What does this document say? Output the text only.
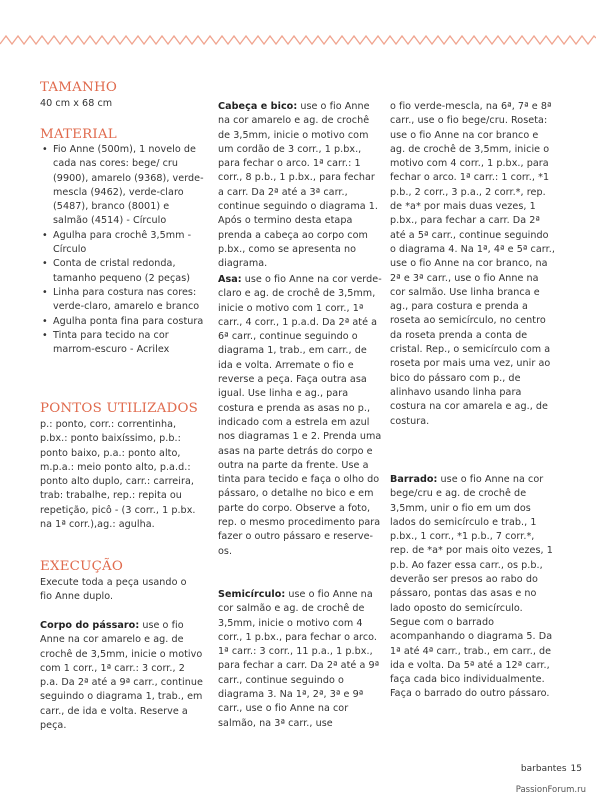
TAMANHO

40 cm x 68 cm

MATERIAL
• Fio Anne (500m), 1 novelo de cada nas cores: bege/ cru (9900), amarelo (9368), verde-mescla (9462), verde-claro (5487), branco (8001) e salmão (4514) - Círculo
• Agulha para crochê 3,5mm - Círculo
• Conta de cristal redonda, tamanho pequeno (2 peças)
• Linha para costura nas cores: verde-claro, amarelo e branco
• Agulha ponta fina para costura
• Tinta para tecido na cor marrom-escuro - Acrilex
PONTOS UTILIZADOS

p.: ponto, corr.: correntinha, p.bx.: ponto baixíssimo, p.b.: ponto baixo, p.a.: ponto alto, m.p.a.: meio ponto alto, p.a.d.: ponto alto duplo, carr.: carreira, trab: trabalhe, rep.: repita ou repetição, picô - (3 corr., 1 p.bx. na 1ª corr.),ag.: agulha.

EXECUÇÃO

Execute toda a peça usando o fio Anne duplo.

Corpo do pássaro: use o fio Anne na cor amarelo e ag. de crochê de 3,5mm, inicie o motivo com 1 corr., 1ª carr.: 3 corr., 2 p.a. Da 2ª até a 9ª carr., continue seguindo o diagrama 1, trab., em carr., de ida e volta. Reserve a peça.

Cabeça e bico: use o fio Anne na cor amarelo e ag. de crochê de 3,5mm, inicie o motivo com um cordão de 3 corr., 1 p.bx., para fechar o arco. 1ª carr.: 1 corr., 8 p.b., 1 p.bx., para fechar a carr. Da 2ª até a 3ª carr., continue seguindo o diagrama 1. Após o termino desta etapa prenda a cabeça ao corpo com p.bx., como se apresenta no diagrama.

Asa: use o fio Anne na cor verde-claro e ag. de crochê de 3,5mm, inicie o motivo com 1 corr., 1ª carr., 4 corr., 1 p.a.d. Da 2ª até a 6ª carr., continue seguindo o diagrama 1, trab., em carr., de ida e volta. Arremate o fio e reverse a peça. Faça outra asa igual. Use linha e ag., para costura e prenda as asas no p., indicado com a estrela em azul nos diagramas 1 e 2. Prenda uma asas na parte detrás do corpo e outra na parte da frente. Use a tinta para tecido e faça o olho do pássaro, o detalhe no bico e em parte do corpo. Observe a foto, rep. o mesmo procedimento para fazer o outro pássaro e reserve-os.

Semicírculo: use o fio Anne na cor salmão e ag. de crochê de 3,5mm, inicie o motivo com 4 corr., 1 p.bx., para fechar o arco. 1ª carr.: 3 corr., 11 p.a., 1 p.bx., para fechar a carr. Da 2ª até a 9ª carr., continue seguindo o diagrama 3. Na 1ª, 2ª, 3ª e 9ª carr., use o fio Anne na cor salmão, na 3ª carr., use

o fio verde-mescla, na 6ª, 7ª e 8ª carr., use o fio bege/cru. Roseta: use o fio Anne na cor branco e ag. de crochê de 3,5mm, inicie o motivo com 4 corr., 1 p.bx., para fechar o arco. 1ª carr.: 1 corr., *1 p.b., 2 corr., 3 p.a., 2 corr.*, rep. de *a* por mais duas vezes, 1 p.bx., para fechar a carr. Da 2ª até a 5ª carr., continue seguindo o diagrama 4. Na 1ª, 4ª e 5ª carr., use o fio Anne na cor branco, na 2ª e 3ª carr., use o fio Anne na cor salmão. Use linha branca e ag., para costura e prenda a roseta ao semicírculo, no centro da roseta prenda a conta de cristal. Rep., o semicírculo com a roseta por mais uma vez, unir ao bico do pássaro com p., de alinhavo usando linha para costura na cor amarela e ag., de costura.

Barrado: use o fio Anne na cor bege/cru e ag. de crochê de 3,5mm, unir o fio em um dos lados do semicírculo e trab., 1 p.bx., 1 corr., *1 p.b., 7 corr.*, rep. de *a* por mais oito vezes, 1 p.b. Ao fazer essa carr., os p.b., deverão ser presos ao rabo do pássaro, pontas das asas e no lado oposto do semicírculo. Segue com o barrado acompanhando o diagrama 5. Da 1ª até 4ª carr., trab., em carr., de ida e volta. Da 5ª até a 12ª carr., faça cada bico individualmente. Faça o barrado do outro pássaro.

barbantes 15
PassionForum.ru
